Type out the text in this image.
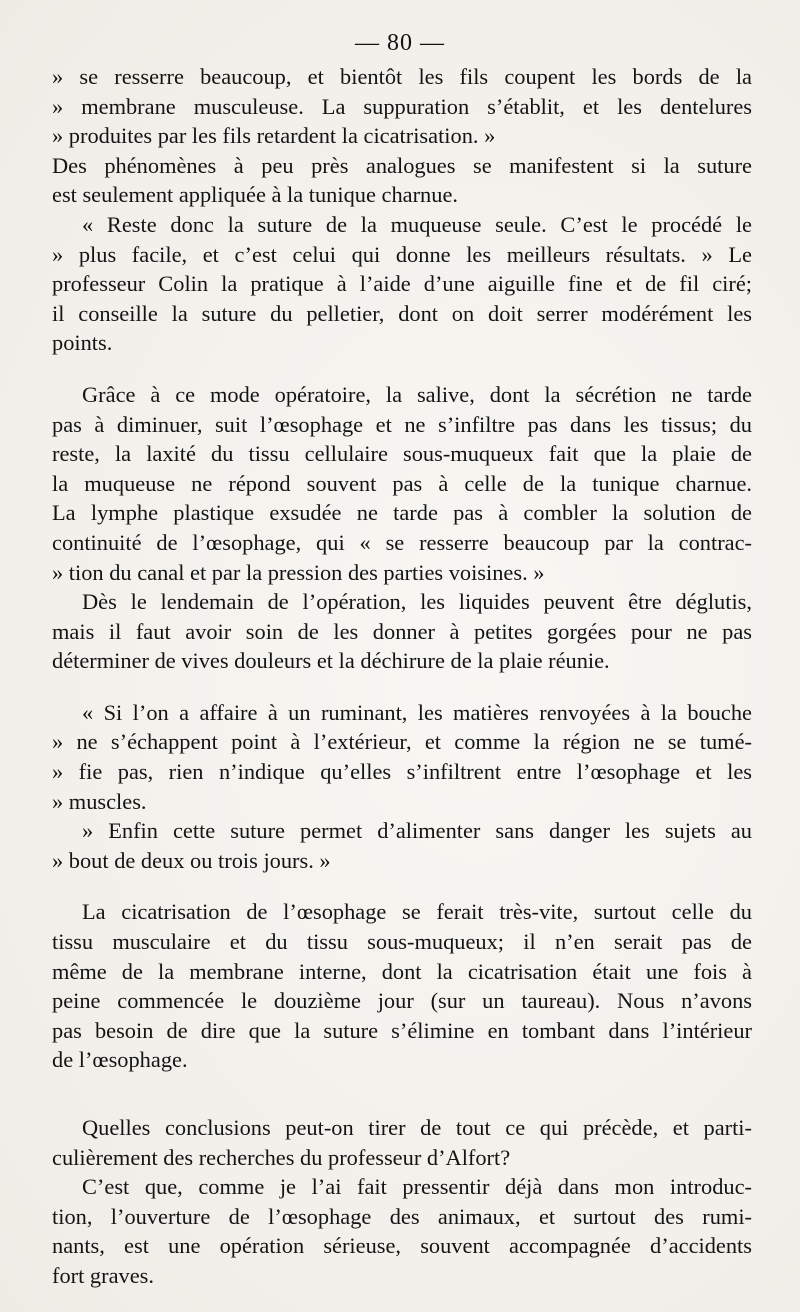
— 80 —
» se resserre beaucoup, et bientôt les fils coupent les bords de la
» membrane musculeuse. La suppuration s’établit, et les dentelures
» produites par les fils retardent la cicatrisation. »
Des phénomènes à peu près analogues se manifestent si la suture
est seulement appliquée à la tunique charnue.
« Reste donc la suture de la muqueuse seule. C’est le procédé le
» plus facile, et c’est celui qui donne les meilleurs résultats. » Le
professeur Colin la pratique à l’aide d’une aiguille fine et de fil ciré;
il conseille la suture du pelletier, dont on doit serrer modérément les
points.
Grâce à ce mode opératoire, la salive, dont la sécrétion ne tarde
pas à diminuer, suit l’œsophage et ne s’infiltre pas dans les tissus; du
reste, la laxité du tissu cellulaire sous-muqueux fait que la plaie de
la muqueuse ne répond souvent pas à celle de la tunique charnue.
La lymphe plastique exsudée ne tarde pas à combler la solution de
continuité de l’œsophage, qui « se resserre beaucoup par la contrac-
» tion du canal et par la pression des parties voisines. »
Dès le lendemain de l’opération, les liquides peuvent être déglutis,
mais il faut avoir soin de les donner à petites gorgées pour ne pas
déterminer de vives douleurs et la déchirure de la plaie réunie.
« Si l’on a affaire à un ruminant, les matières renvoyées à la bouche
» ne s’échappent point à l’extérieur, et comme la région ne se tumé-
» fie pas, rien n’indique qu’elles s’infiltrent entre l’œsophage et les
» muscles.
» Enfin cette suture permet d’alimenter sans danger les sujets au
» bout de deux ou trois jours. »
La cicatrisation de l’œsophage se ferait très-vite, surtout celle du
tissu musculaire et du tissu sous-muqueux; il n’en serait pas de
même de la membrane interne, dont la cicatrisation était une fois à
peine commencée le douzième jour (sur un taureau). Nous n’avons
pas besoin de dire que la suture s’élimine en tombant dans l’intérieur
de l’œsophage.
Quelles conclusions peut-on tirer de tout ce qui précède, et parti-
culièrement des recherches du professeur d’Alfort?
C’est que, comme je l’ai fait pressentir déjà dans mon introduc-
tion, l’ouverture de l’œsophage des animaux, et surtout des rumi-
nants, est une opération sérieuse, souvent accompagnée d’accidents
fort graves.
